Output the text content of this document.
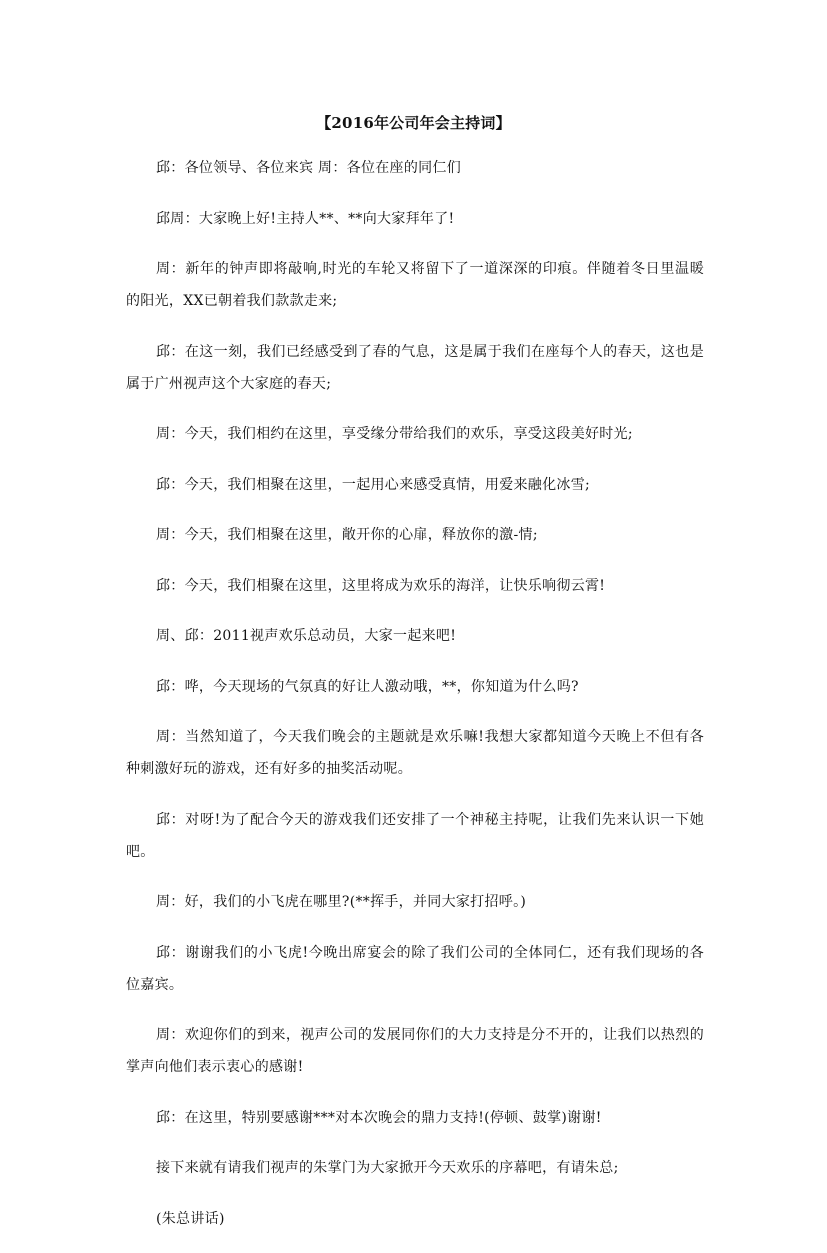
【2016年公司年会主持词】

邱：各位领导、各位来宾 周：各位在座的同仁们

邱周：大家晚上好!主持人**、**向大家拜年了!

周：新年的钟声即将敲响,时光的车轮又将留下了一道深深的印痕。伴随着冬日里温暖的阳光，XX已朝着我们款款走来;

邱：在这一刻，我们已经感受到了春的气息，这是属于我们在座每个人的春天，这也是属于广州视声这个大家庭的春天;

周：今天，我们相约在这里，享受缘分带给我们的欢乐，享受这段美好时光;

邱：今天，我们相聚在这里，一起用心来感受真情，用爱来融化冰雪;

周：今天，我们相聚在这里，敞开你的心扉，释放你的激-情;

邱：今天，我们相聚在这里，这里将成为欢乐的海洋，让快乐响彻云霄!

周、邱：2011视声欢乐总动员，大家一起来吧!

邱：哗，今天现场的气氛真的好让人激动哦，**，你知道为什么吗?

周：当然知道了，今天我们晚会的主题就是欢乐嘛!我想大家都知道今天晚上不但有各种刺激好玩的游戏，还有好多的抽奖活动呢。

邱：对呀!为了配合今天的游戏我们还安排了一个神秘主持呢，让我们先来认识一下她吧。

周：好，我们的小飞虎在哪里?(**挥手，并同大家打招呼。)

邱：谢谢我们的小飞虎!今晚出席宴会的除了我们公司的全体同仁，还有我们现场的各位嘉宾。

周：欢迎你们的到来，视声公司的发展同你们的大力支持是分不开的，让我们以热烈的掌声向他们表示衷心的感谢!

邱：在这里，特别要感谢***对本次晚会的鼎力支持!(停顿、鼓掌)谢谢!

接下来就有请我们视声的朱掌门为大家掀开今天欢乐的序幕吧，有请朱总;

(朱总讲话)
